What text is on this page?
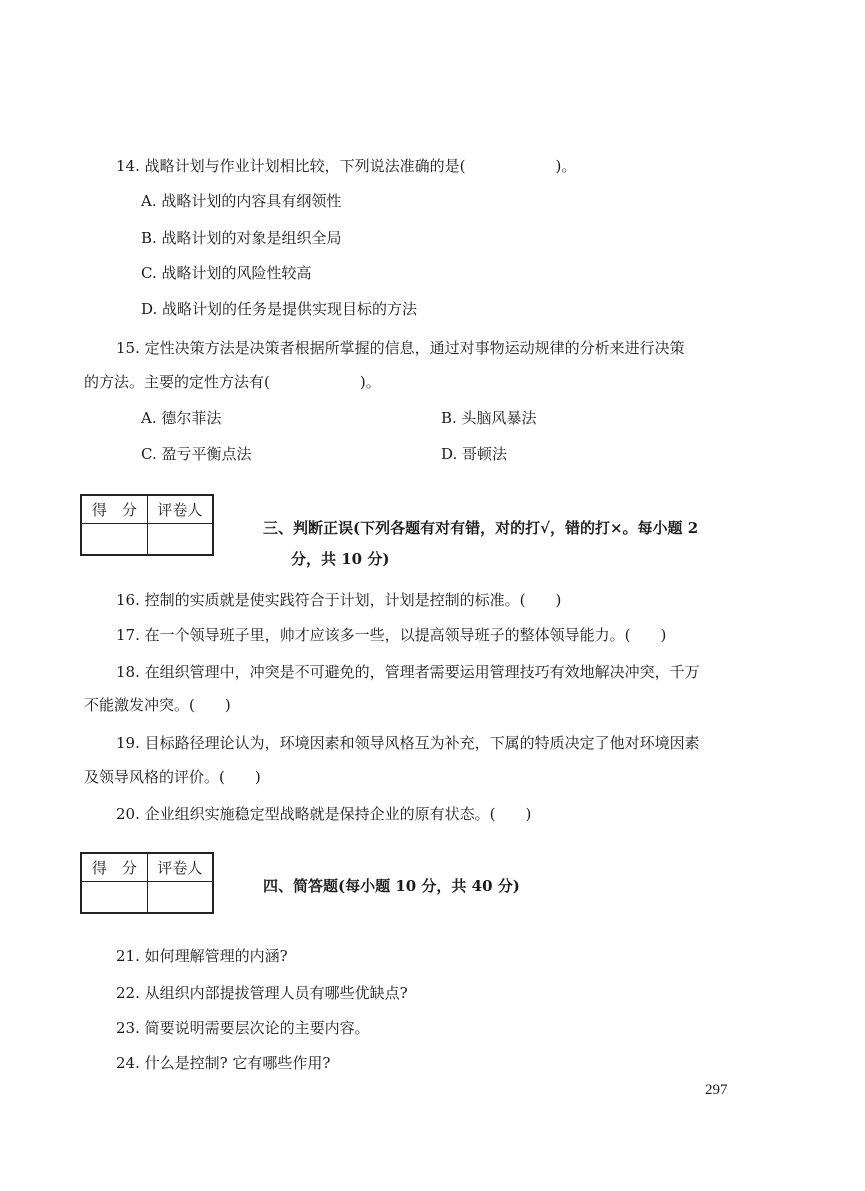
14. 战略计划与作业计划相比较，下列说法准确的是(　　　　　　)。
A. 战略计划的内容具有纲领性
B. 战略计划的对象是组织全局
C. 战略计划的风险性较高
D. 战略计划的任务是提供实现目标的方法
15. 定性决策方法是决策者根据所掌握的信息，通过对事物运动规律的分析来进行决策
的方法。主要的定性方法有(　　　　　　)。
A. 德尔菲法	B. 头脑风暴法
C. 盈亏平衡点法	D. 哥顿法
得　分	评卷人

三、判断正误(下列各题有对有错，对的打√，错的打×。每小题 2
分，共 10 分)
16. 控制的实质就是使实践符合于计划，计划是控制的标准。(　　)
17. 在一个领导班子里，帅才应该多一些，以提高领导班子的整体领导能力。(　　)
18. 在组织管理中，冲突是不可避免的，管理者需要运用管理技巧有效地解决冲突，千万
不能激发冲突。(　　)
19. 目标路径理论认为，环境因素和领导风格互为补充，下属的特质决定了他对环境因素
及领导风格的评价。(　　)
20. 企业组织实施稳定型战略就是保持企业的原有状态。(　　)
得　分	评卷人

四、简答题(每小题 10 分，共 40 分)
21. 如何理解管理的内涵?
22. 从组织内部提拔管理人员有哪些优缺点?
23. 简要说明需要层次论的主要内容。
24. 什么是控制? 它有哪些作用?
297
